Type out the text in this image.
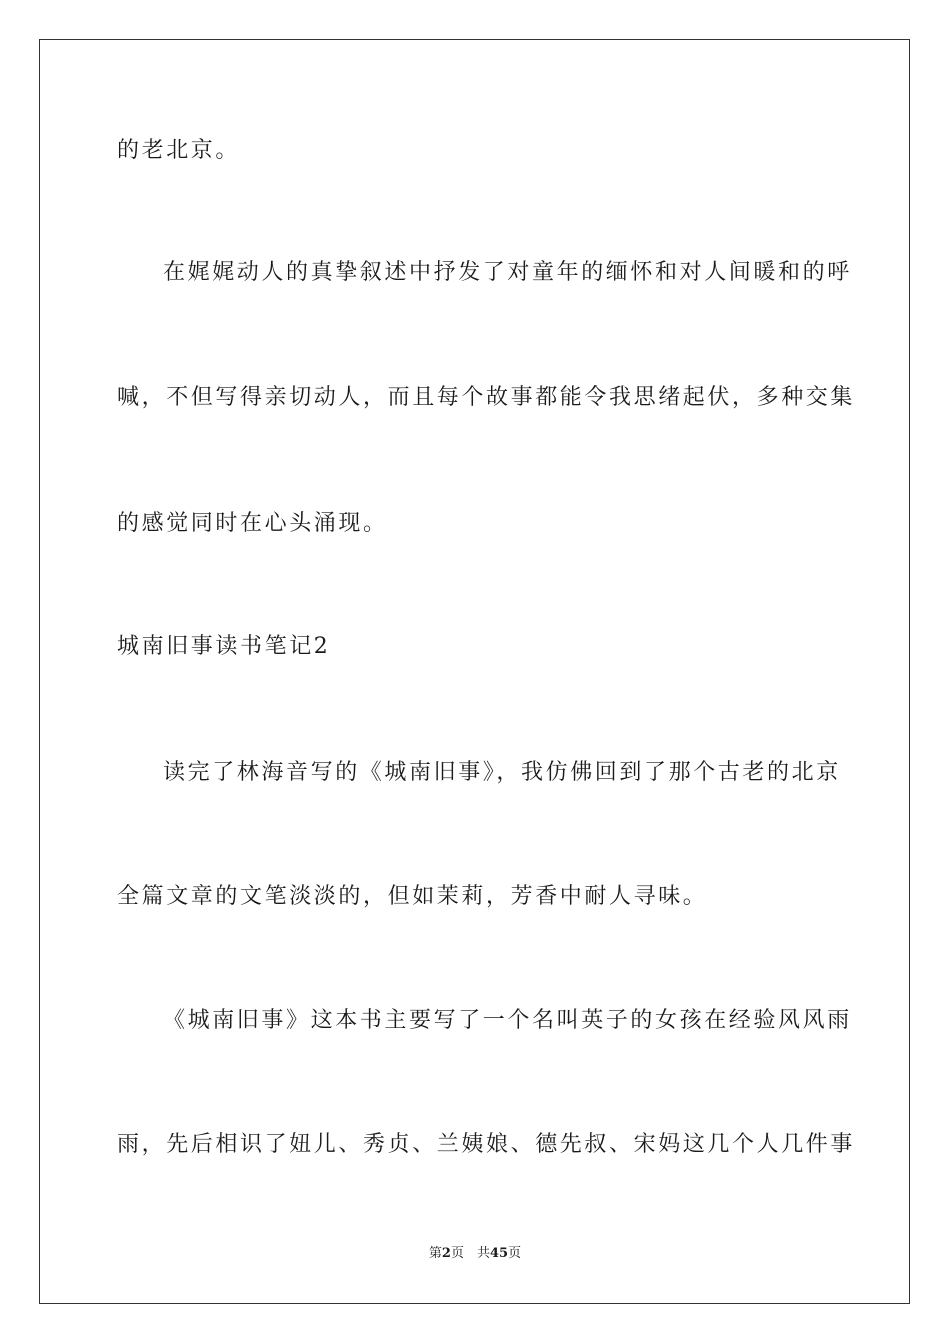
的老北京。
在娓娓动人的真挚叙述中抒发了对童年的缅怀和对人间暖和的呼
喊，不但写得亲切动人，而且每个故事都能令我思绪起伏，多种交集
的感觉同时在心头涌现。
城南旧事读书笔记2
读完了林海音写的《城南旧事》，我仿佛回到了那个古老的北京
全篇文章的文笔淡淡的，但如茉莉，芳香中耐人寻味。
《城南旧事》这本书主要写了一个名叫英子的女孩在经验风风雨
雨，先后相识了妞儿、秀贞、兰姨娘、德先叔、宋妈这几个人几件事
第2页　共45页
